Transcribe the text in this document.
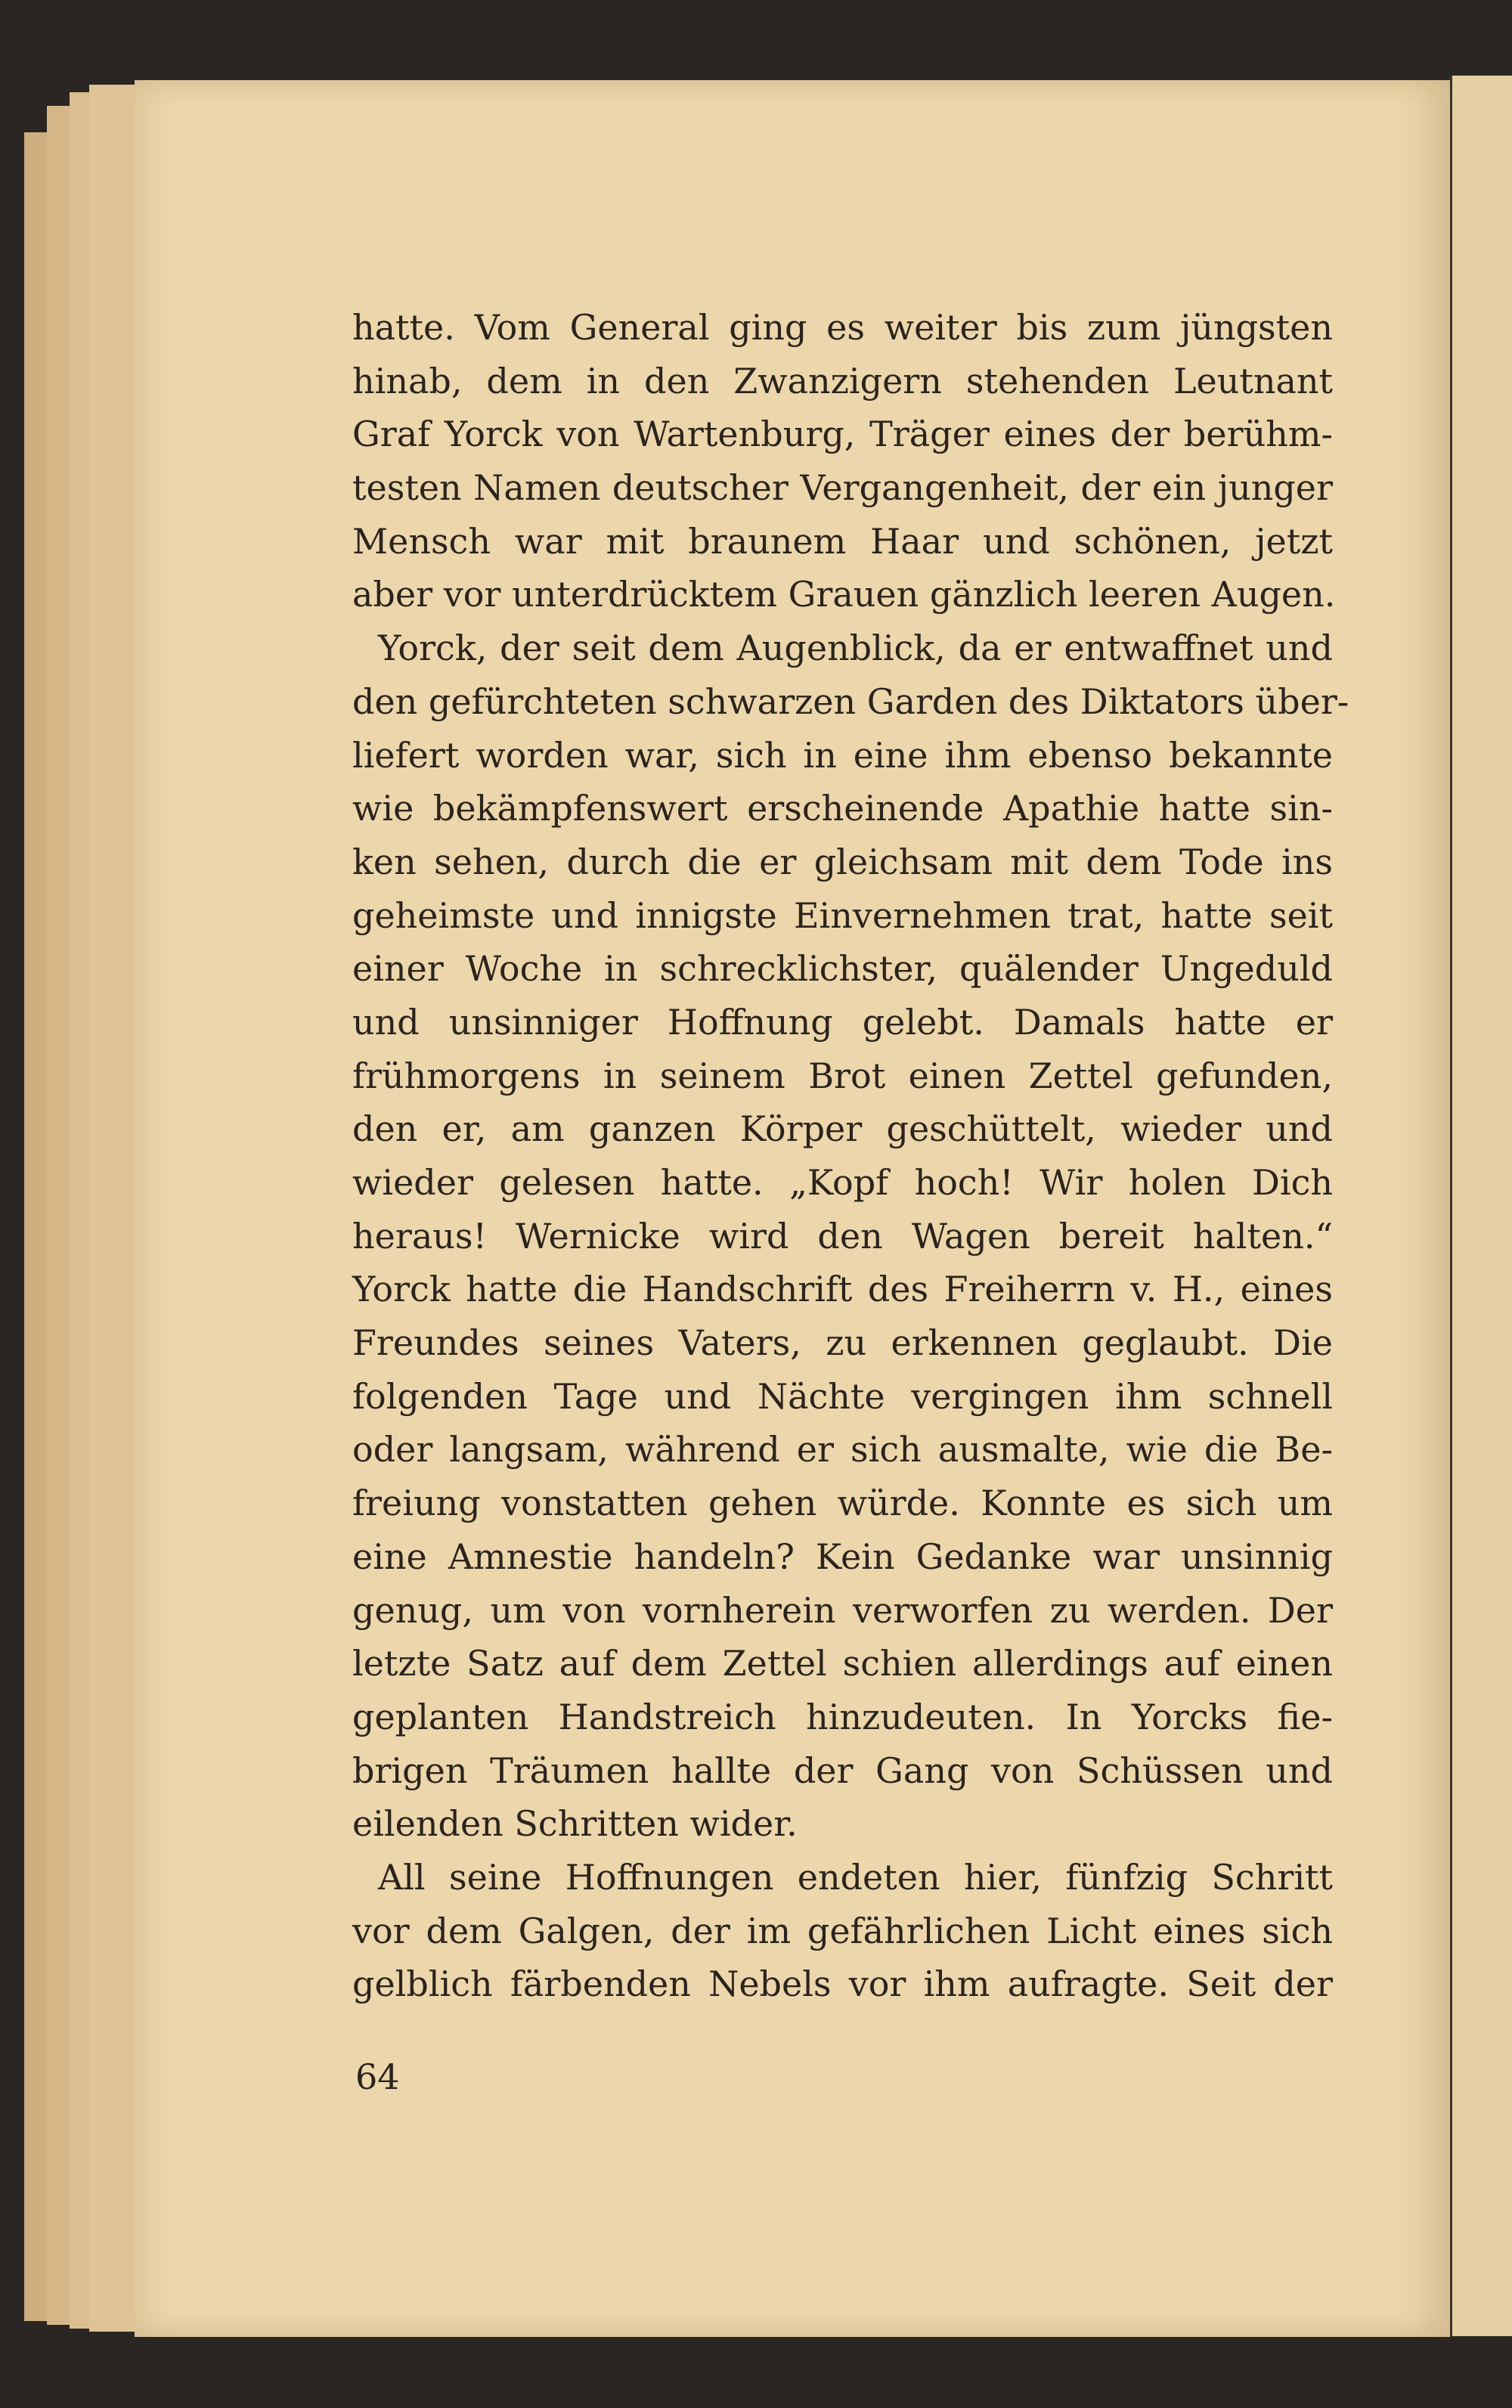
hatte. Vom General ging es weiter bis zum jüngsten
hinab, dem in den Zwanzigern stehenden Leutnant
Graf Yorck von Wartenburg, Träger eines der berühm-
testen Namen deutscher Vergangenheit, der ein junger
Mensch war mit braunem Haar und schönen, jetzt
aber vor unterdrücktem Grauen gänzlich leeren Augen.
Yorck, der seit dem Augenblick, da er entwaffnet und
den gefürchteten schwarzen Garden des Diktators über-
liefert worden war, sich in eine ihm ebenso bekannte
wie bekämpfenswert erscheinende Apathie hatte sin-
ken sehen, durch die er gleichsam mit dem Tode ins
geheimste und innigste Einvernehmen trat, hatte seit
einer Woche in schrecklichster, quälender Ungeduld
und unsinniger Hoffnung gelebt. Damals hatte er
frühmorgens in seinem Brot einen Zettel gefunden,
den er, am ganzen Körper geschüttelt, wieder und
wieder gelesen hatte. „Kopf hoch! Wir holen Dich
heraus! Wernicke wird den Wagen bereit halten.“
Yorck hatte die Handschrift des Freiherrn v. H., eines
Freundes seines Vaters, zu erkennen geglaubt. Die
folgenden Tage und Nächte vergingen ihm schnell
oder langsam, während er sich ausmalte, wie die Be-
freiung vonstatten gehen würde. Konnte es sich um
eine Amnestie handeln? Kein Gedanke war unsinnig
genug, um von vornherein verworfen zu werden. Der
letzte Satz auf dem Zettel schien allerdings auf einen
geplanten Handstreich hinzudeuten. In Yorcks fie-
brigen Träumen hallte der Gang von Schüssen und
eilenden Schritten wider.
All seine Hoffnungen endeten hier, fünfzig Schritt
vor dem Galgen, der im gefährlichen Licht eines sich
gelblich färbenden Nebels vor ihm aufragte. Seit der

64
